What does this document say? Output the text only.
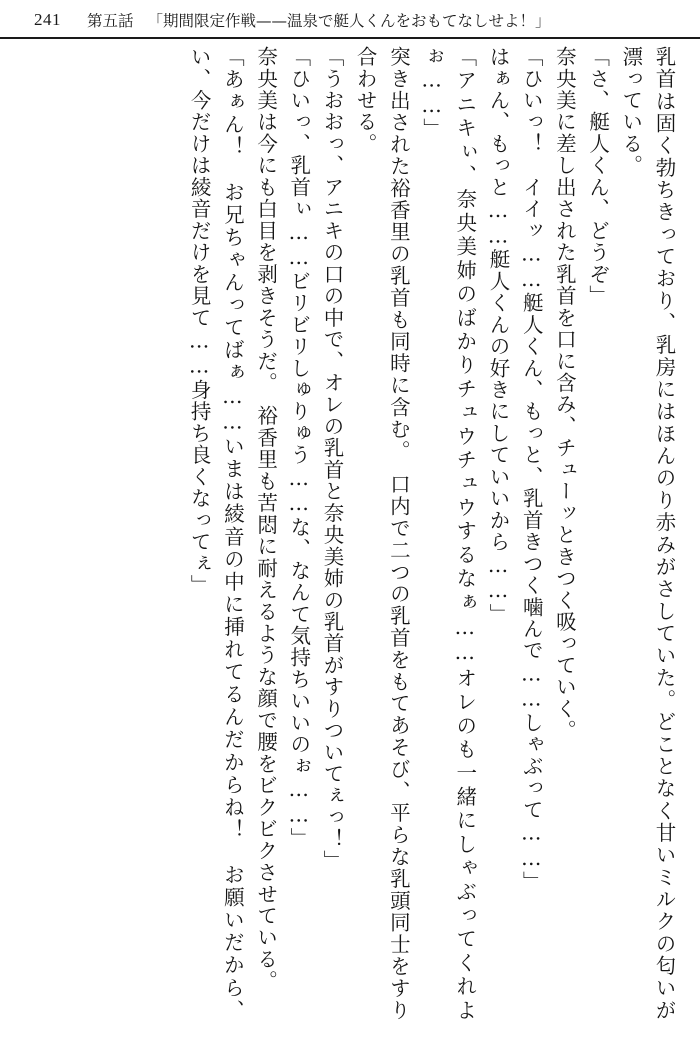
241 第五話 「期間限定作戦——温泉で艇人くんをおもてなしせよ！」

乳首は固く勃ちきっており、乳房にはほんのり赤みがさしていた。どことなく甘いミルクの匂いが漂っている。

「さ、艇人くん、どうぞ」

奈央美に差し出された乳首を口に含み、チューッときつく吸っていく。

「ひいっ！　イイッ……艇人くん、もっと、乳首きつく噛んで……しゃぶって……」

はぁん、もっと……艇人くんの好きにしていいから……」

「アニキぃ、奈央美姉のばかりチュウチュウするなぁ……オレのも一緒にしゃぶってくれよぉ……」

突き出された裕香里の乳首も同時に含む。　口内で二つの乳首をもてあそび、平らな乳頭同士をすり合わせる。

「うおおっ、アニキの口の中で、オレの乳首と奈央美姉の乳首がすりついてぇっ！」

「ひいっ、乳首ぃ……ビリビリしゅりゅう……な、なんて気持ちいいのぉ……」

奈央美は今にも白目を剥きそうだ。　裕香里も苦悶に耐えるような顔で腰をビクビクさせている。

「あぁん！　お兄ちゃんってばぁ……いまは綾音の中に挿れてるんだからね！　お願いだから、い、今だけは綾音だけを見て……身持ち良くなってぇ」
